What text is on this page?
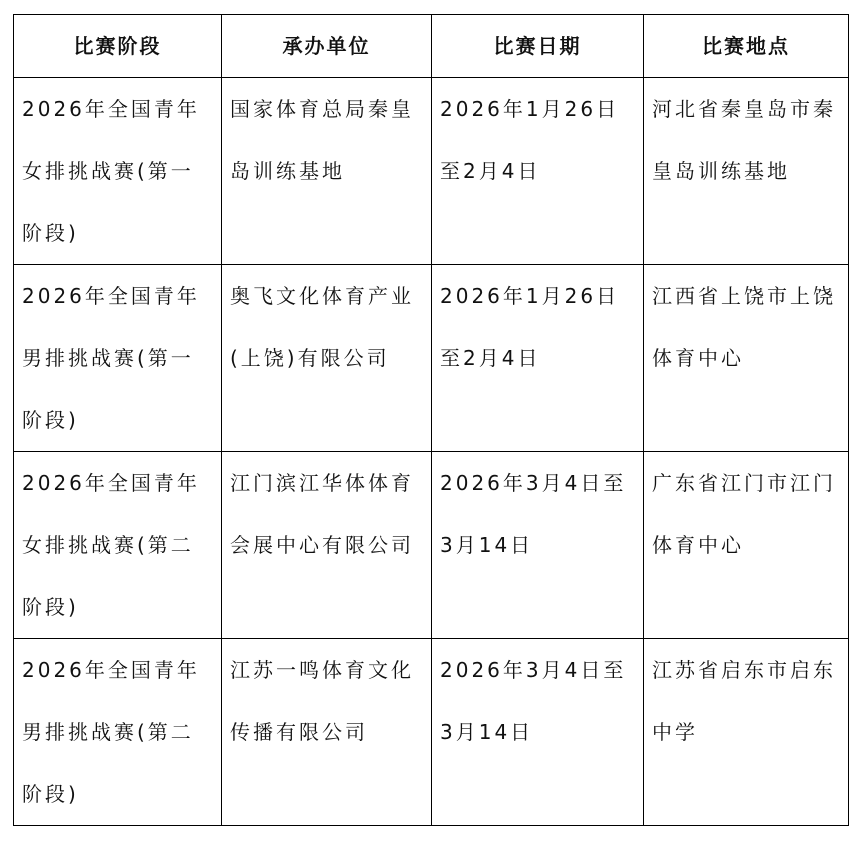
比赛阶段	承办单位	比赛日期	比赛地点

2026年全国青年女排挑战赛(第一阶段)	国家体育总局秦皇岛训练基地	2026年1月26日至2月4日	河北省秦皇岛市秦皇岛训练基地

2026年全国青年男排挑战赛(第一阶段)	奥飞文化体育产业(上饶)有限公司	2026年1月26日至2月4日	江西省上饶市上饶体育中心

2026年全国青年女排挑战赛(第二阶段)	江门滨江华体体育会展中心有限公司	2026年3月4日至3月14日	广东省江门市江门体育中心

2026年全国青年男排挑战赛(第二阶段)	江苏一鸣体育文化传播有限公司	2026年3月4日至3月14日	江苏省启东市启东中学
